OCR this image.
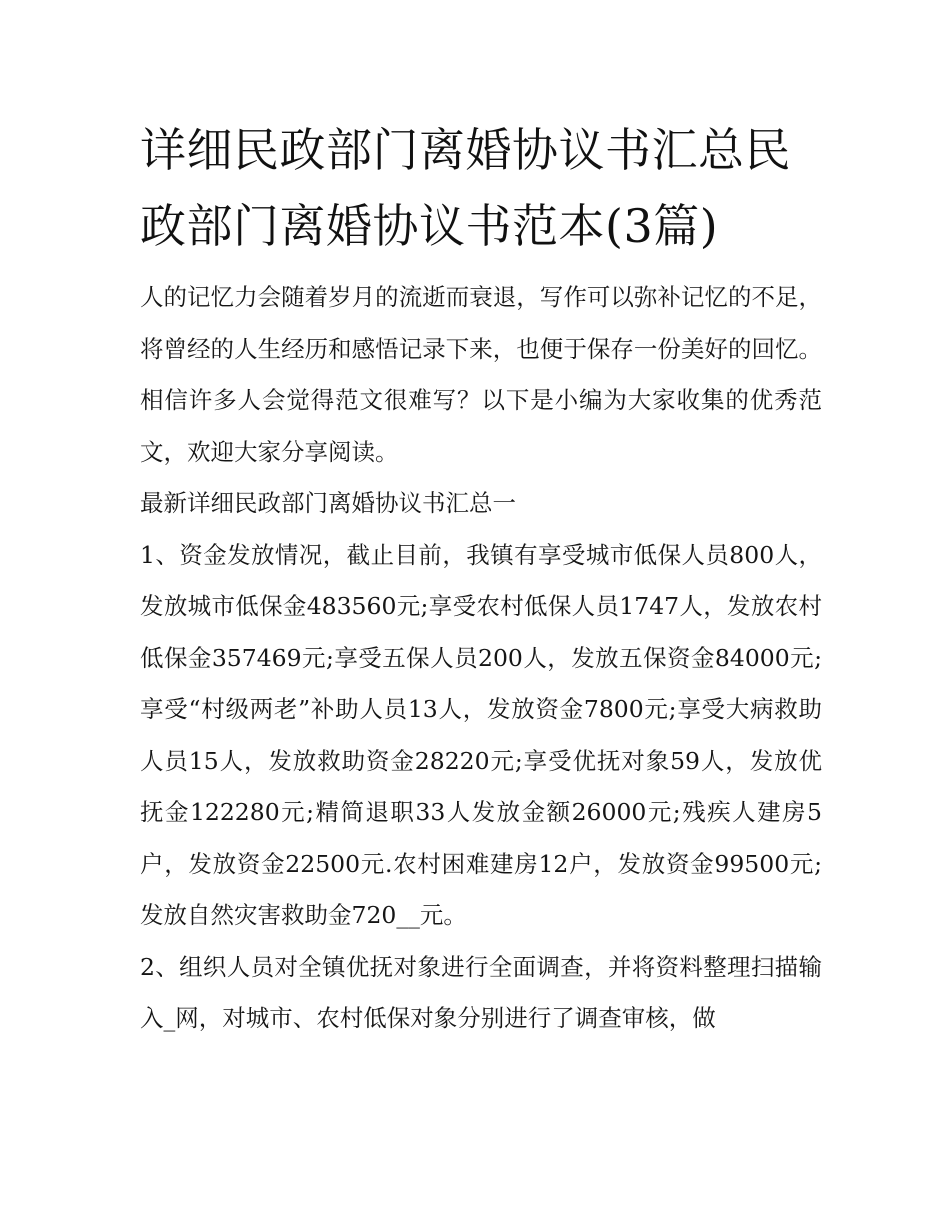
详细民政部门离婚协议书汇总民政部门离婚协议书范本(3篇)

人的记忆力会随着岁月的流逝而衰退，写作可以弥补记忆的不足，将曾经的人生经历和感悟记录下来，也便于保存一份美好的回忆。相信许多人会觉得范文很难写？以下是小编为大家收集的优秀范文，欢迎大家分享阅读。

最新详细民政部门离婚协议书汇总一

1、资金发放情况，截止目前，我镇有享受城市低保人员800人，发放城市低保金483560元;享受农村低保人员1747人，发放农村低保金357469元;享受五保人员200人，发放五保资金84000元;享受“村级两老”补助人员13人，发放资金7800元;享受大病救助人员15人，发放救助资金28220元;享受优抚对象59人，发放优抚金122280元;精简退职33人发放金额26000元;残疾人建房5户，发放资金22500元.农村困难建房12户，发放资金99500元;发放自然灾害救助金720__元。

2、组织人员对全镇优抚对象进行全面调查，并将资料整理扫描输入_网，对城市、农村低保对象分别进行了调查审核，做
